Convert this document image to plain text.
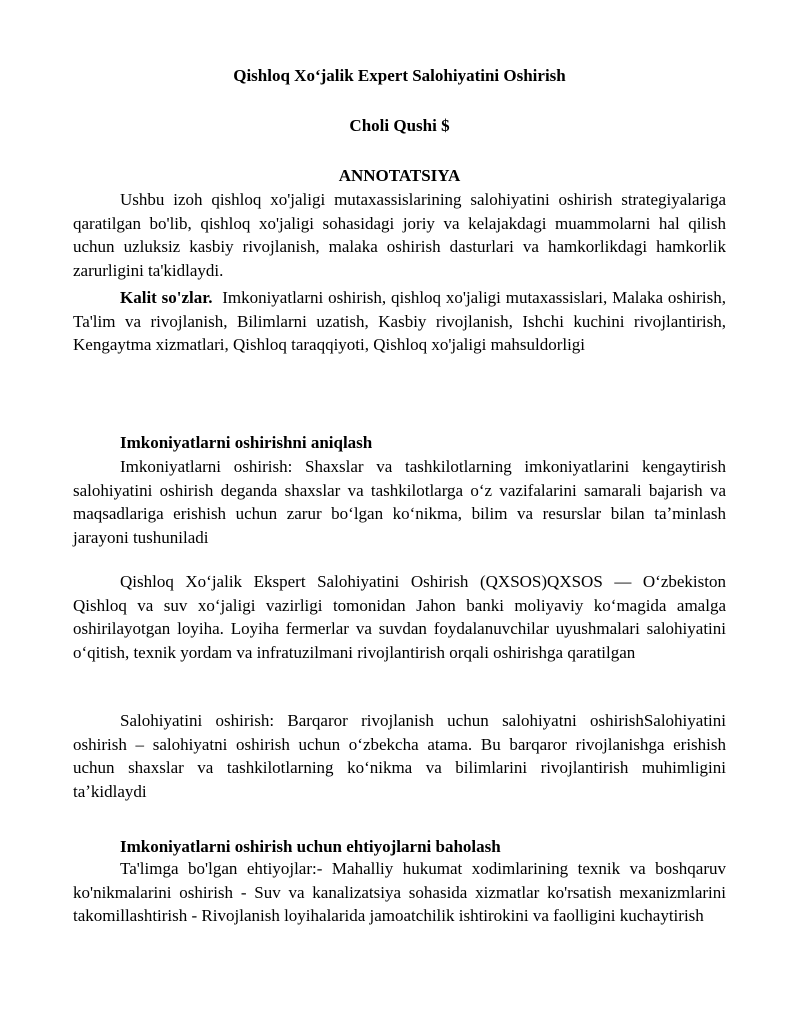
Qishloq Xoʻjalik Expert Salohiyatini Oshirish
Choli Qushi $
ANNOTATSIYA

Ushbu izoh qishloq xo'jaligi mutaxassislarining salohiyatini oshirish strategiyalariga qaratilgan bo'lib, qishloq xo'jaligi sohasidagi joriy va kelajakdagi muammolarni hal qilish uchun uzluksiz kasbiy rivojlanish, malaka oshirish dasturlari va hamkorlikdagi hamkorlik zarurligini ta'kidlaydi.

Kalit so'zlar. Imkoniyatlarni oshirish, qishloq xo'jaligi mutaxassislari, Malaka oshirish, Ta'lim va rivojlanish, Bilimlarni uzatish, Kasbiy rivojlanish, Ishchi kuchini rivojlantirish, Kengaytma xizmatlari, Qishloq taraqqiyoti, Qishloq xo'jaligi mahsuldorligi

Imkoniyatlarni oshirishni aniqlash

Imkoniyatlarni oshirish: Shaxslar va tashkilotlarning imkoniyatlarini kengaytirish salohiyatini oshirish deganda shaxslar va tashkilotlarga oʻz vazifalarini samarali bajarish va maqsadlariga erishish uchun zarur boʻlgan koʻnikma, bilim va resurslar bilan taʼminlash jarayoni tushuniladi

Qishloq Xoʻjalik Ekspert Salohiyatini Oshirish (QXSOS)QXSOS — Oʻzbekiston Qishloq va suv xoʻjaligi vazirligi tomonidan Jahon banki moliyaviy koʻmagida amalga oshirilayotgan loyiha. Loyiha fermerlar va suvdan foydalanuvchilar uyushmalari salohiyatini oʻqitish, texnik yordam va infratuzilmani rivojlantirish orqali oshirishga qaratilgan

Salohiyatini oshirish: Barqaror rivojlanish uchun salohiyatni oshirishSalohiyatini oshirish – salohiyatni oshirish uchun oʻzbekcha atama. Bu barqaror rivojlanishga erishish uchun shaxslar va tashkilotlarning koʻnikma va bilimlarini rivojlantirish muhimligini taʼkidlaydi

Imkoniyatlarni oshirish uchun ehtiyojlarni baholash

Ta'limga bo'lgan ehtiyojlar:- Mahalliy hukumat xodimlarining texnik va boshqaruv ko'nikmalarini oshirish - Suv va kanalizatsiya sohasida xizmatlar ko'rsatish mexanizmlarini takomillashtirish - Rivojlanish loyihalarida jamoatchilik ishtirokini va faolligini kuchaytirish
